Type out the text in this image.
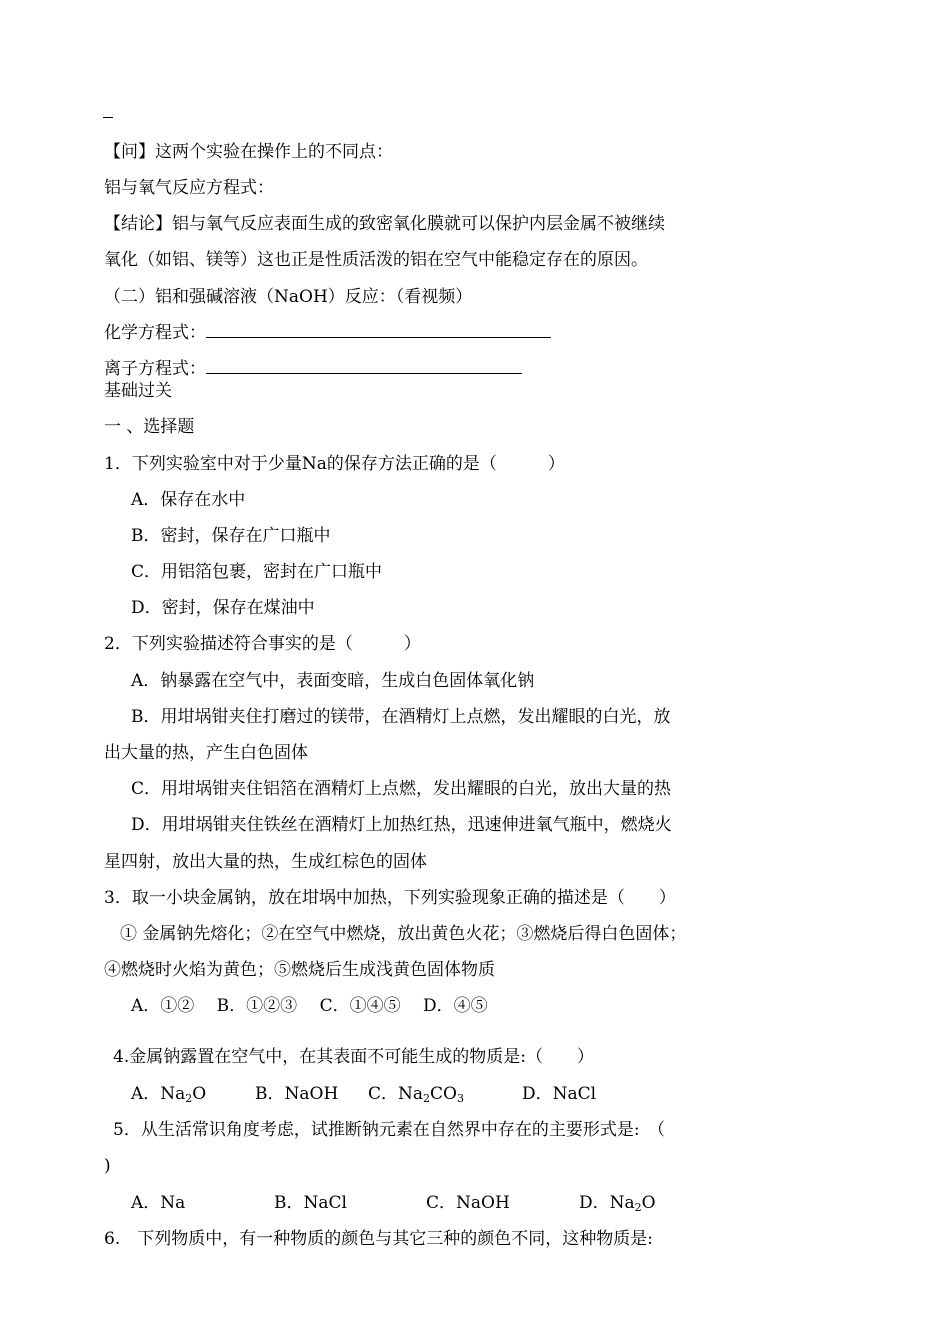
【问】这两个实验在操作上的不同点：
铝与氧气反应方程式：
【结论】铝与氧气反应表面生成的致密氧化膜就可以保护内层金属不被继续
氧化（如铝、镁等）这也正是性质活泼的铝在空气中能稳定存在的原因。
（二）铝和强碱溶液（NaOH）反应：（看视频）
化学方程式：
离子方程式：
基础过关
一 、选择题
1．下列实验室中对于少量Na的保存方法正确的是（　　　）
A．保存在水中
B．密封，保存在广口瓶中
C．用铝箔包裹，密封在广口瓶中
D．密封，保存在煤油中
2．下列实验描述符合事实的是（　　　）
A．钠暴露在空气中，表面变暗，生成白色固体氧化钠
B．用坩埚钳夹住打磨过的镁带，在酒精灯上点燃，发出耀眼的白光，放
出大量的热，产生白色固体
C．用坩埚钳夹住铝箔在酒精灯上点燃，发出耀眼的白光，放出大量的热
D．用坩埚钳夹住铁丝在酒精灯上加热红热，迅速伸进氧气瓶中，燃烧火
星四射，放出大量的热，生成红棕色的固体
3．取一小块金属钠，放在坩埚中加热，下列实验现象正确的描述是（　　）
① 金属钠先熔化；②在空气中燃烧，放出黄色火花；③燃烧后得白色固体；
④燃烧时火焰为黄色；⑤燃烧后生成浅黄色固体物质
A．①②　 B．①②③　 C．①④⑤　 D．④⑤
4.金属钠露置在空气中，在其表面不可能生成的物质是:（　　）
A．$Na_2O$	B．NaOH C．$Na_2CO_3$	D．NaCl
5．从生活常识角度考虑，试推断钠元素在自然界中存在的主要形式是:　（
)
A．Na	B．NaCl	C．NaOH	D．$Na_2O$
6.　下列物质中，有一种物质的颜色与其它三种的颜色不同，这种物质是:
